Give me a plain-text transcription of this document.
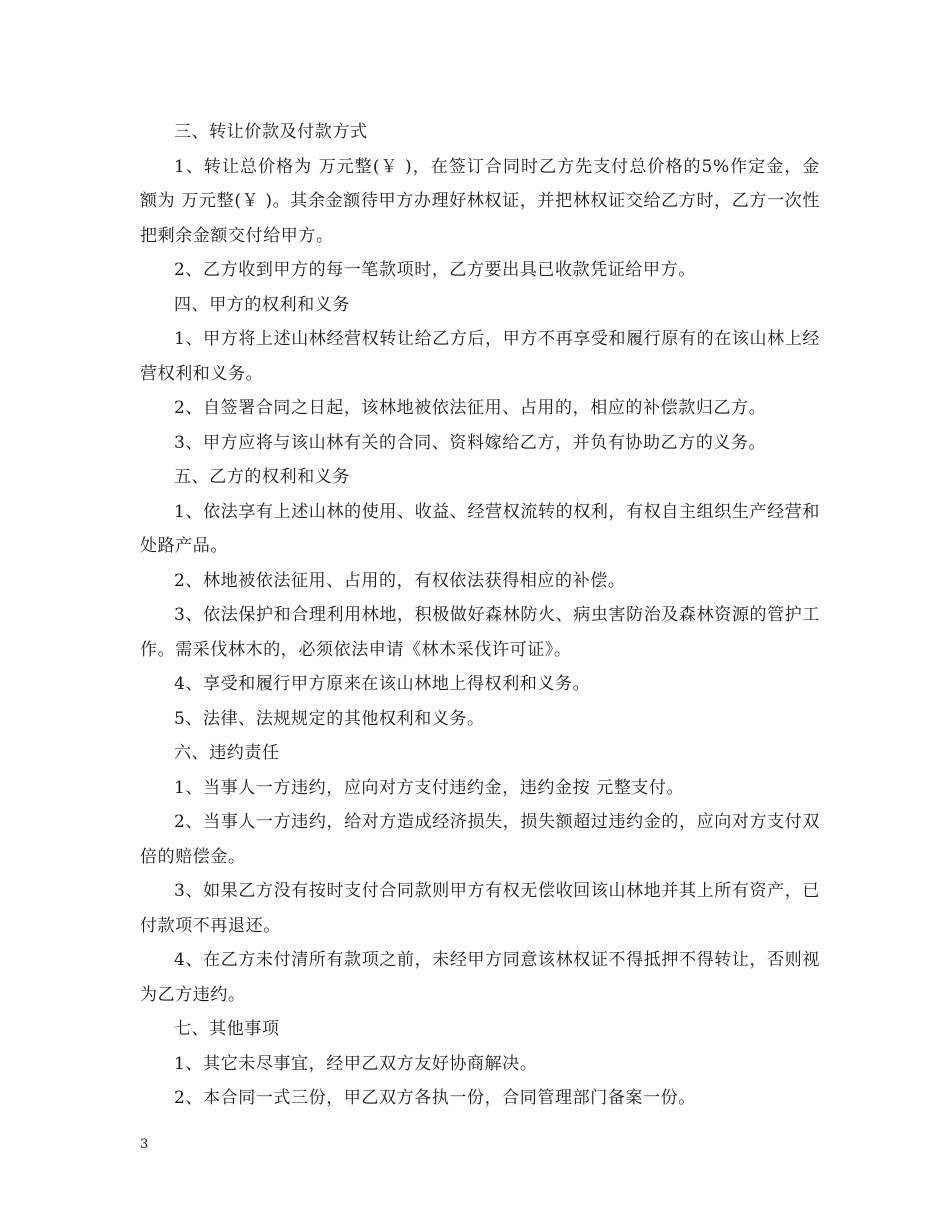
三、转让价款及付款方式

1、转让总价格为 万元整(￥ )，在签订合同时乙方先支付总价格的5%作定金，金额为 万元整(￥ )。其余金额待甲方办理好林权证，并把林权证交给乙方时，乙方一次性把剩余金额交付给甲方。

2、乙方收到甲方的每一笔款项时，乙方要出具已收款凭证给甲方。

四、甲方的权利和义务

1、甲方将上述山林经营权转让给乙方后，甲方不再享受和履行原有的在该山林上经营权利和义务。

2、自签署合同之日起，该林地被依法征用、占用的，相应的补偿款归乙方。

3、甲方应将与该山林有关的合同、资料嫁给乙方，并负有协助乙方的义务。

五、乙方的权利和义务

1、依法享有上述山林的使用、收益、经营权流转的权利，有权自主组织生产经营和处路产品。

2、林地被依法征用、占用的，有权依法获得相应的补偿。

3、依法保护和合理利用林地，积极做好森林防火、病虫害防治及森林资源的管护工作。需采伐林木的，必须依法申请《林木采伐许可证》。

4、享受和履行甲方原来在该山林地上得权利和义务。

5、法律、法规规定的其他权利和义务。

六、违约责任

1、当事人一方违约，应向对方支付违约金，违约金按 元整支付。

2、当事人一方违约，给对方造成经济损失，损失额超过违约金的，应向对方支付双倍的赔偿金。

3、如果乙方没有按时支付合同款则甲方有权无偿收回该山林地并其上所有资产，已付款项不再退还。

4、在乙方未付清所有款项之前，未经甲方同意该林权证不得抵押不得转让，否则视为乙方违约。

七、其他事项

1、其它未尽事宜，经甲乙双方友好协商解决。

2、本合同一式三份，甲乙双方各执一份，合同管理部门备案一份。

3
